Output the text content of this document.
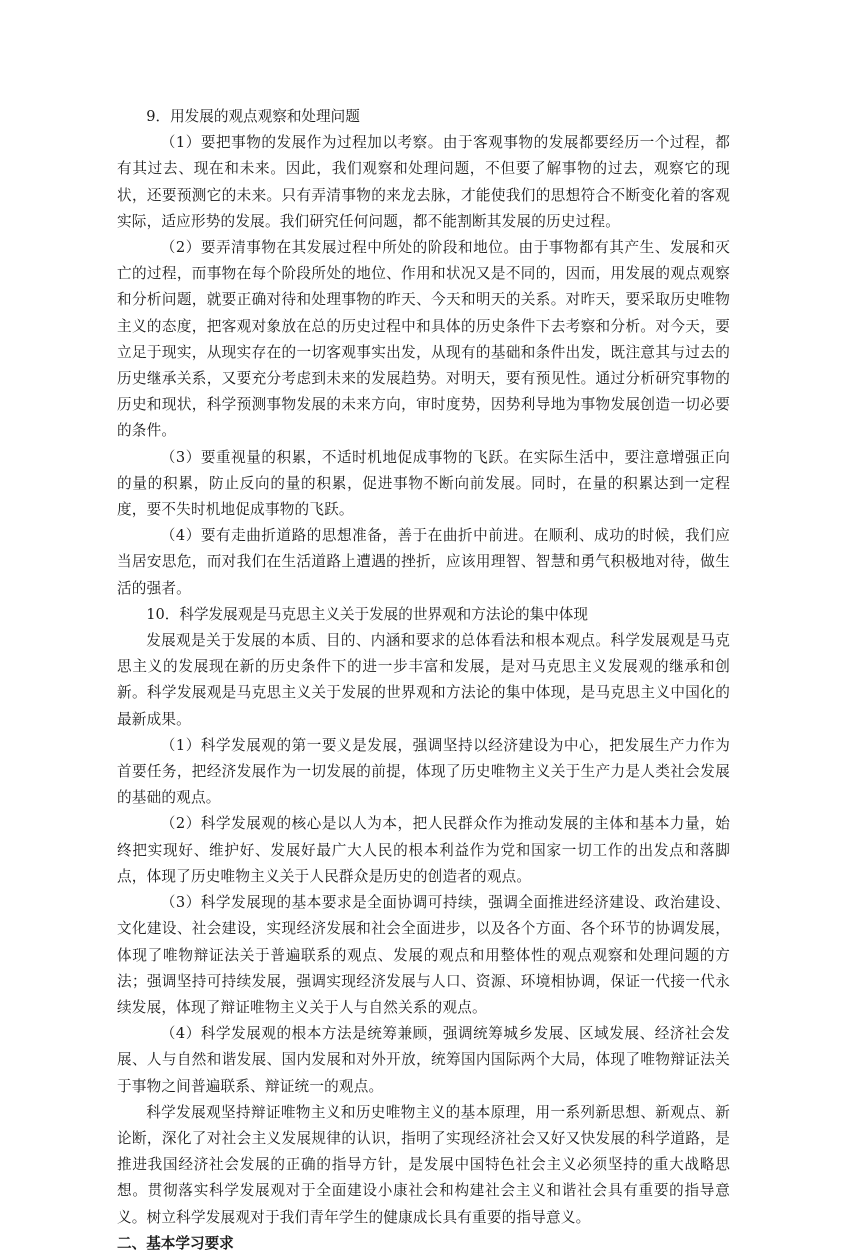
9．用发展的观点观察和处理问题

（1）要把事物的发展作为过程加以考察。由于客观事物的发展都要经历一个过程，都有其过去、现在和未来。因此，我们观察和处理问题，不但要了解事物的过去，观察它的现状，还要预测它的未来。只有弄清事物的来龙去脉，才能使我们的思想符合不断变化着的客观实际，适应形势的发展。我们研究任何问题，都不能割断其发展的历史过程。

（2）要弄清事物在其发展过程中所处的阶段和地位。由于事物都有其产生、发展和灭亡的过程，而事物在每个阶段所处的地位、作用和状况又是不同的，因而，用发展的观点观察和分析问题，就要正确对待和处理事物的昨天、今天和明天的关系。对昨天，要采取历史唯物主义的态度，把客观对象放在总的历史过程中和具体的历史条件下去考察和分析。对今天，要立足于现实，从现实存在的一切客观事实出发，从现有的基础和条件出发，既注意其与过去的历史继承关系，又要充分考虑到未来的发展趋势。对明天，要有预见性。通过分析研究事物的历史和现状，科学预测事物发展的未来方向，审时度势，因势利导地为事物发展创造一切必要的条件。

（3）要重视量的积累，不适时机地促成事物的飞跃。在实际生活中，要注意增强正向的量的积累，防止反向的量的积累，促进事物不断向前发展。同时，在量的积累达到一定程度，要不失时机地促成事物的飞跃。

（4）要有走曲折道路的思想准备，善于在曲折中前进。在顺利、成功的时候，我们应当居安思危，而对我们在生活道路上遭遇的挫折，应该用理智、智慧和勇气积极地对待，做生活的强者。

10．科学发展观是马克思主义关于发展的世界观和方法论的集中体现

发展观是关于发展的本质、目的、内涵和要求的总体看法和根本观点。科学发展观是马克思主义的发展现在新的历史条件下的进一步丰富和发展，是对马克思主义发展观的继承和创新。科学发展观是马克思主义关于发展的世界观和方法论的集中体现，是马克思主义中国化的最新成果。

（1）科学发展观的第一要义是发展，强调坚持以经济建设为中心，把发展生产力作为首要任务，把经济发展作为一切发展的前提，体现了历史唯物主义关于生产力是人类社会发展的基础的观点。

（2）科学发展观的核心是以人为本，把人民群众作为推动发展的主体和基本力量，始终把实现好、维护好、发展好最广大人民的根本利益作为党和国家一切工作的出发点和落脚点，体现了历史唯物主义关于人民群众是历史的创造者的观点。

（3）科学发展现的基本要求是全面协调可持续，强调全面推进经济建设、政治建设、文化建设、社会建设，实现经济发展和社会全面进步，以及各个方面、各个环节的协调发展，体现了唯物辩证法关于普遍联系的观点、发展的观点和用整体性的观点观察和处理问题的方法；强调坚持可持续发展，强调实现经济发展与人口、资源、环境相协调，保证一代接一代永续发展，体现了辩证唯物主义关于人与自然关系的观点。

（4）科学发展观的根本方法是统筹兼顾，强调统筹城乡发展、区域发展、经济社会发展、人与自然和谐发展、国内发展和对外开放，统筹国内国际两个大局，体现了唯物辩证法关于事物之间普遍联系、辩证统一的观点。

科学发展观坚持辩证唯物主义和历史唯物主义的基本原理，用一系列新思想、新观点、新论断，深化了对社会主义发展规律的认识，指明了实现经济社会又好又快发展的科学道路，是推进我国经济社会发展的正确的指导方针，是发展中国特色社会主义必须坚持的重大战略思想。贯彻落实科学发展观对于全面建设小康社会和构建社会主义和谐社会具有重要的指导意义。树立科学发展观对于我们青年学生的健康成长具有重要的指导意义。

二、基本学习要求
